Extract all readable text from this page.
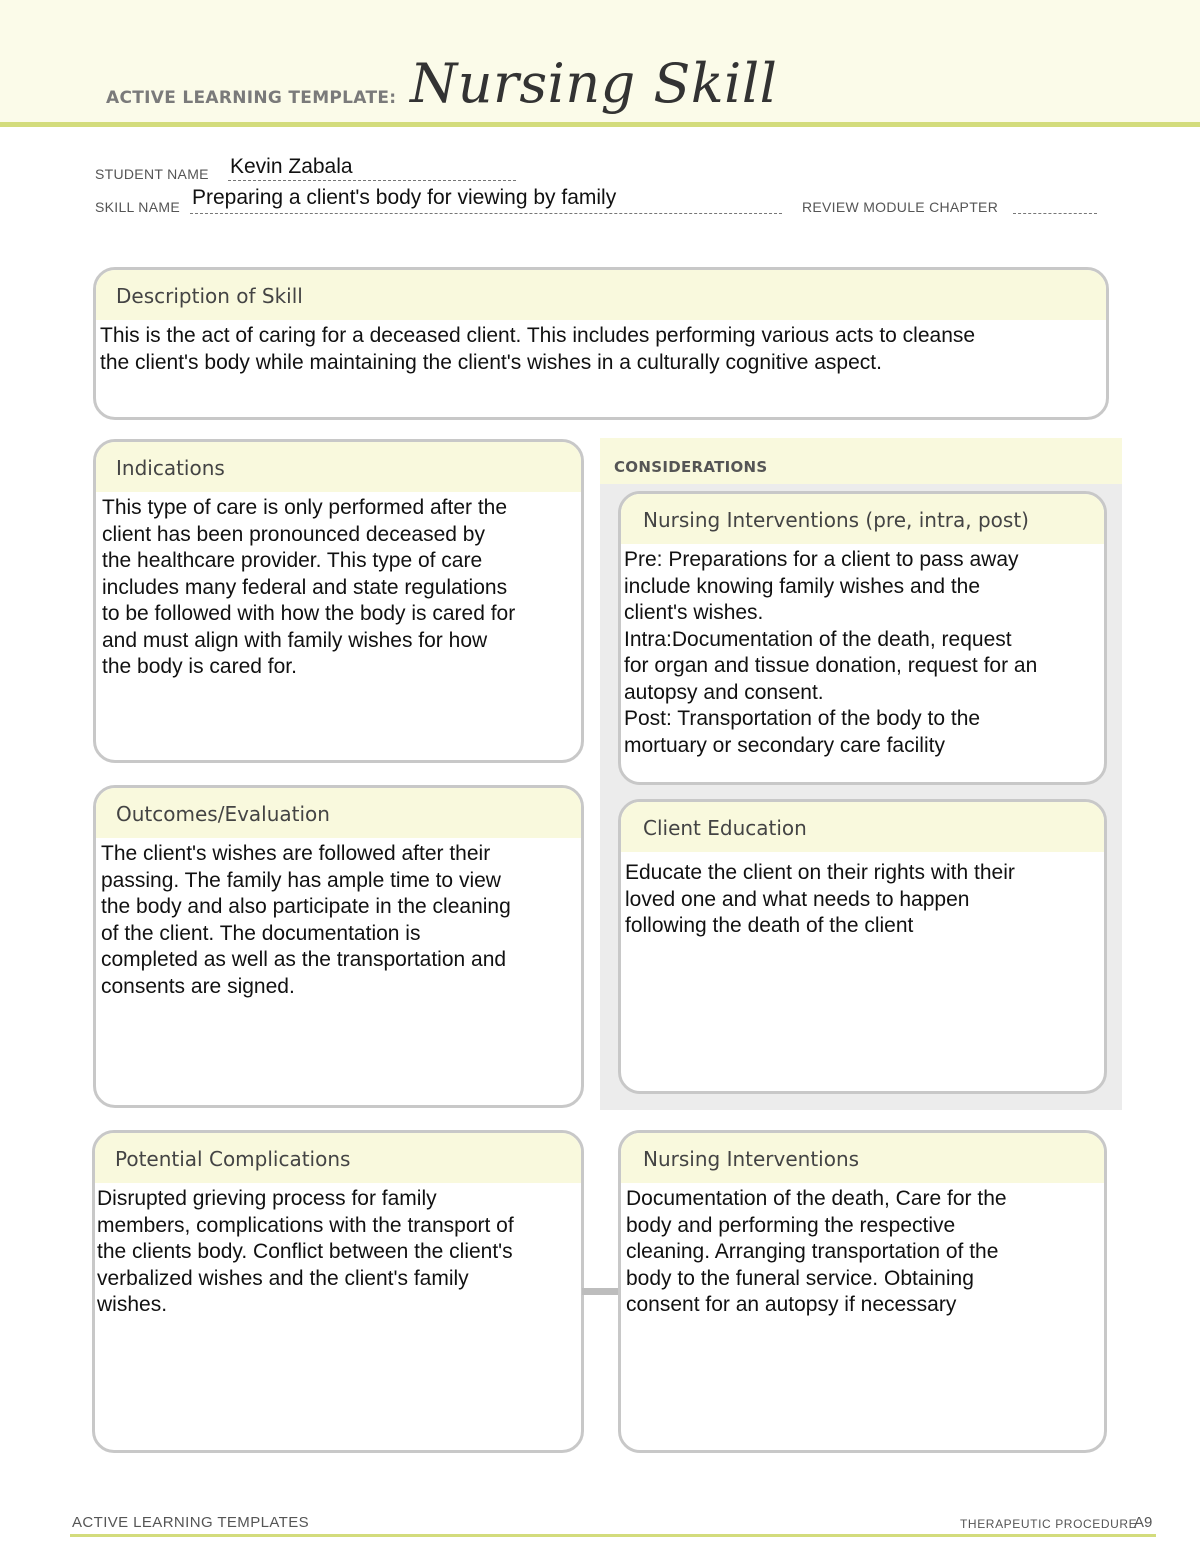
ACTIVE LEARNING TEMPLATE: Nursing Skill
STUDENT NAME Kevin Zabala
SKILL NAME Preparing a client's body for viewing by family	REVIEW MODULE CHAPTER
Description of Skill
This is the act of caring for a deceased client. This includes performing various acts to cleanse
the client's body while maintaining the client's wishes in a culturally cognitive aspect.
Indications
This type of care is only performed after the
client has been pronounced deceased by
the healthcare provider. This type of care
includes many federal and state regulations
to be followed with how the body is cared for
and must align with family wishes for how
the body is cared for.
Outcomes/Evaluation
The client's wishes are followed after their
passing. The family has ample time to view
the body and also participate in the cleaning
of the client. The documentation is
completed as well as the transportation and
consents are signed.
CONSIDERATIONS
Nursing Interventions (pre, intra, post)
Pre: Preparations for a client to pass away
include knowing family wishes and the
client's wishes.
Intra:Documentation of the death, request
for organ and tissue donation, request for an
autopsy and consent.
Post: Transportation of the body to the
mortuary or secondary care facility
Client Education
Educate the client on their rights with their
loved one and what needs to happen
following the death of the client
Potential Complications
Disrupted grieving process for family
members, complications with the transport of
the clients body. Conflict between the client's
verbalized wishes and the client's family
wishes.
Nursing Interventions
Documentation of the death, Care for the
body and performing the respective
cleaning. Arranging transportation of the
body to the funeral service. Obtaining
consent for an autopsy if necessary
ACTIVE LEARNING TEMPLATES	THERAPEUTIC PROCEDURE
A9
